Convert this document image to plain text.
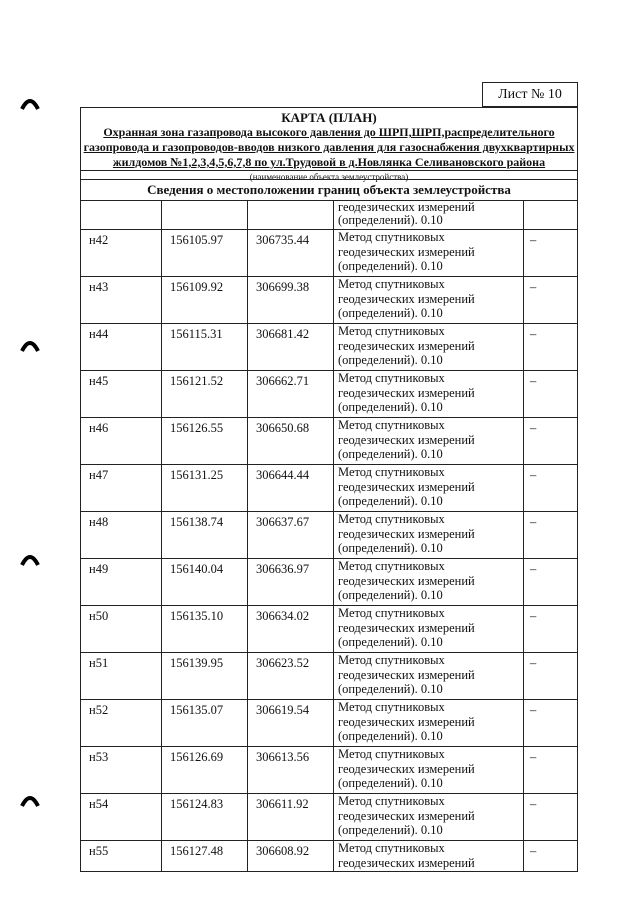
Лист № 10
КАРТА (ПЛАН)
Охранная зона газапровода высокого давления до ШРП,ШРП,распределительного
газопровода и газопроводов-вводов низкого давления для газоснабжения двухквартирных
жилдомов №1,2,3,4,5,6,7,8 по ул.Трудовой в д.Новлянка Селивановского района
(наименование объекта землеустройства)
Сведения о местоположении границ объекта землеустройства

			геодезических измерений
(определений). 0.10	

н42	156105.97	306735.44	Метод спутниковых
геодезических измерений
(определений). 0.10	–
н43	156109.92	306699.38	Метод спутниковых
геодезических измерений
(определений). 0.10	–
н44	156115.31	306681.42	Метод спутниковых
геодезических измерений
(определений). 0.10	–
н45	156121.52	306662.71	Метод спутниковых
геодезических измерений
(определений). 0.10	–
н46	156126.55	306650.68	Метод спутниковых
геодезических измерений
(определений). 0.10	–
н47	156131.25	306644.44	Метод спутниковых
геодезических измерений
(определений). 0.10	–
н48	156138.74	306637.67	Метод спутниковых
геодезических измерений
(определений). 0.10	–
н49	156140.04	306636.97	Метод спутниковых
геодезических измерений
(определений). 0.10	–
н50	156135.10	306634.02	Метод спутниковых
геодезических измерений
(определений). 0.10	–
н51	156139.95	306623.52	Метод спутниковых
геодезических измерений
(определений). 0.10	–
н52	156135.07	306619.54	Метод спутниковых
геодезических измерений
(определений). 0.10	–
н53	156126.69	306613.56	Метод спутниковых
геодезических измерений
(определений). 0.10	–
н54	156124.83	306611.92	Метод спутниковых
геодезических измерений
(определений). 0.10	–
н55	156127.48	306608.92	Метод спутниковых
геодезических измерений	–
